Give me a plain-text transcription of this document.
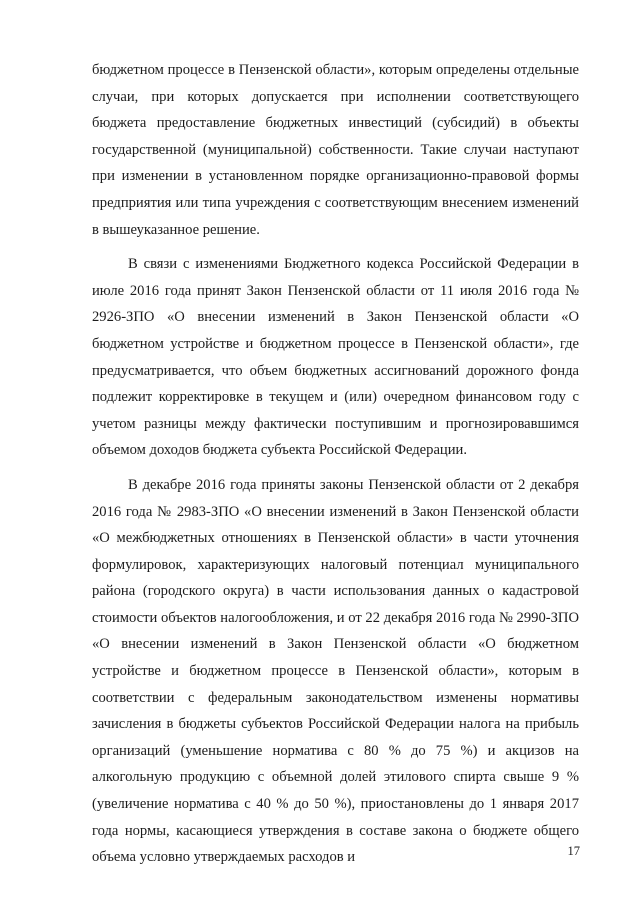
бюджетном процессе в Пензенской области», которым определены отдельные случаи, при которых допускается при исполнении соответствующего бюджета предоставление бюджетных инвестиций (субсидий) в объекты государственной (муниципальной) собственности. Такие случаи наступают при изменении в установленном порядке организационно-правовой формы предприятия или типа учреждения с соответствующим внесением изменений в вышеуказанное решение.

В связи с изменениями Бюджетного кодекса Российской Федерации в июле 2016 года принят Закон Пензенской области от 11 июля 2016 года № 2926-ЗПО «О внесении изменений в Закон Пензенской области «О бюджетном устройстве и бюджетном процессе в Пензенской области», где предусматривается, что объем бюджетных ассигнований дорожного фонда подлежит корректировке в текущем и (или) очередном финансовом году с учетом разницы между фактически поступившим и прогнозировавшимся объемом доходов бюджета субъекта Российской Федерации.

В декабре 2016 года приняты законы Пензенской области от 2 декабря 2016 года № 2983-ЗПО «О внесении изменений в Закон Пензенской области «О межбюджетных отношениях в Пензенской области» в части уточнения формулировок, характеризующих налоговый потенциал муниципального района (городского округа) в части использования данных о кадастровой стоимости объектов налогообложения, и от 22 декабря 2016 года № 2990-ЗПО «О внесении изменений в Закон Пензенской области «О бюджетном устройстве и бюджетном процессе в Пензенской области», которым в соответствии с федеральным законодательством изменены нормативы зачисления в бюджеты субъектов Российской Федерации налога на прибыль организаций (уменьшение норматива с 80 % до 75 %) и акцизов на алкогольную продукцию с объемной долей этилового спирта свыше 9 % (увеличение норматива с 40 % до 50 %), приостановлены до 1 января 2017 года нормы, касающиеся утверждения в составе закона о бюджете общего объема условно утверждаемых расходов и	17
